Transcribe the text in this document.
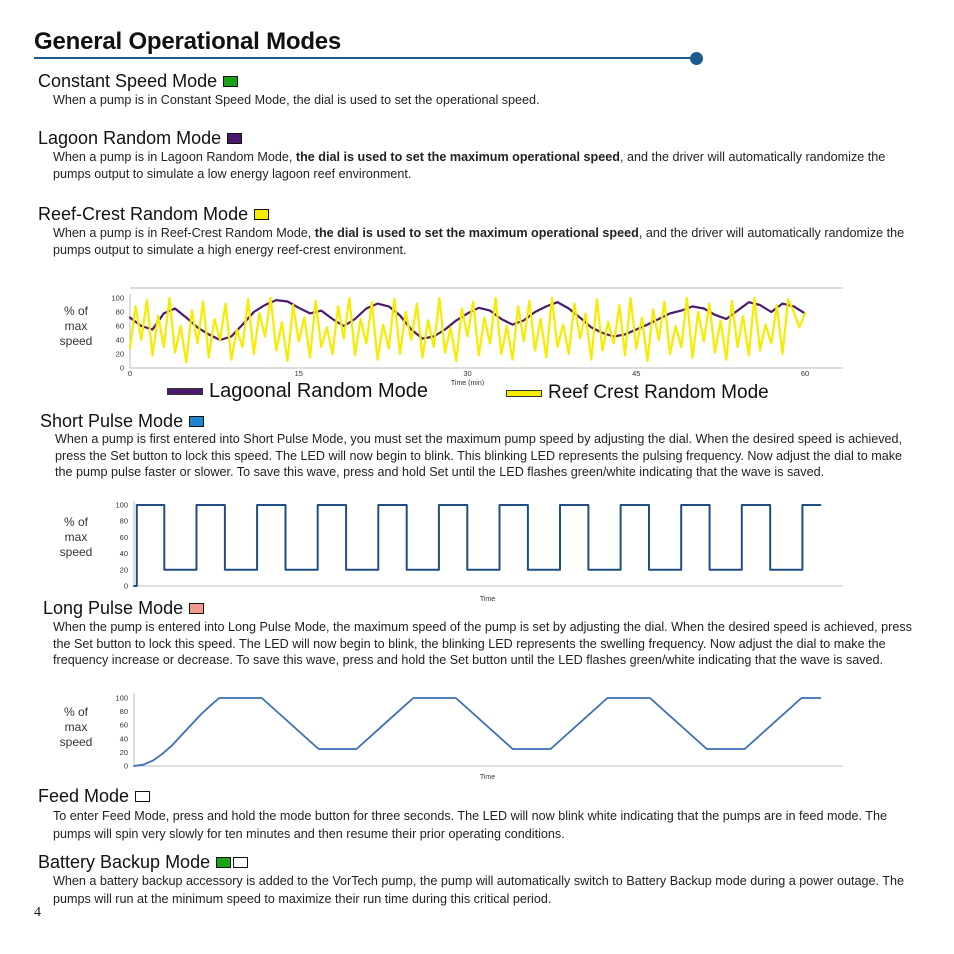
General Operational Modes
Constant Speed Mode
When a pump is in Constant Speed Mode, the dial is used to set the operational speed.
Lagoon Random Mode
When a pump is in Lagoon Random Mode, the dial is used to set the maximum operational speed, and the driver will automatically randomize the pumps output to simulate a low energy lagoon reef environment.
Reef-Crest Random Mode
When a pump is in Reef-Crest Random Mode, the dial is used to set the maximum operational speed, and the driver will automatically randomize the pumps output to simulate a high energy reef-crest environment.
% of
max
speed
0
20
40
60
80
100
0	15	30	45	60
Time (min)
Lagoonal Random Mode	Reef Crest Random Mode
Short Pulse Mode
When a pump is first entered into Short Pulse Mode, you must set the maximum pump speed by adjusting the dial. When the desired speed is achieved, press the Set button to lock this speed. The LED will now begin to blink. This blinking LED represents the pulsing frequency. Now adjust the dial to make the pump pulse faster or slower. To save this wave, press and hold Set until the LED flashes green/white indicating that the wave is saved.
% of
max
speed
0
20
40
60
80
100
Time
Long Pulse Mode
When the pump is entered into Long Pulse Mode, the maximum speed of the pump is set by adjusting the dial. When the desired speed is achieved, press the Set button to lock this speed. The LED will now begin to blink, the blinking LED represents the swelling frequency. Now adjust the dial to make the frequency increase or decrease. To save this wave, press and hold the Set button until the LED flashes green/white indicating that the wave is saved.
% of
max
speed
0
20
40
60
80
100
Time
Feed Mode
To enter Feed Mode, press and hold the mode button for three seconds. The LED will now blink white indicating that the pumps are in feed mode. The pumps will spin very slowly for ten minutes and then resume their prior operating conditions.
Battery Backup Mode
When a battery backup accessory is added to the VorTech pump, the pump will automatically switch to Battery Backup mode during a power outage. The pumps will run at the minimum speed to maximize their run time during this critical period.
4
